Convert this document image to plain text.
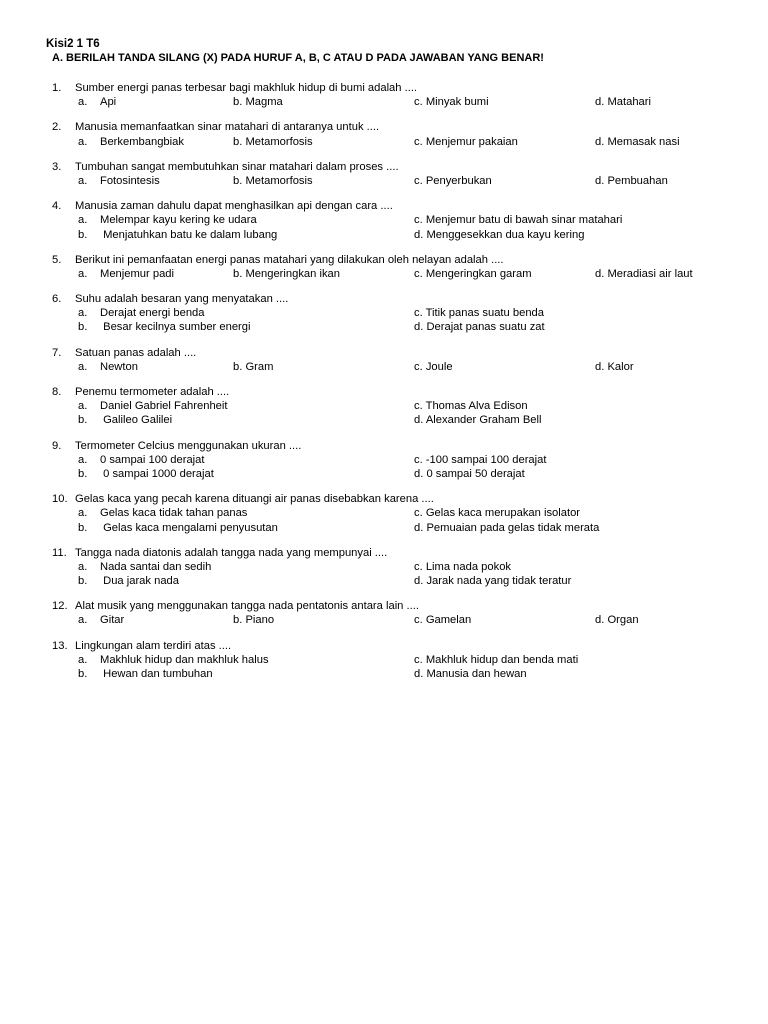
Kisi2 1 T6
A. BERILAH TANDA SILANG (X) PADA HURUF A, B, C ATAU D PADA JAWABAN YANG BENAR!
1. Sumber energi panas terbesar bagi makhluk hidup di bumi adalah ....
a. Api	b. Magma	c. Minyak bumi	d. Matahari
2. Manusia memanfaatkan sinar matahari di antaranya untuk ....
a. Berkembangbiak	b. Metamorfosis	c. Menjemur pakaian	d. Memasak nasi
3. Tumbuhan sangat membutuhkan sinar matahari dalam proses ....
a. Fotosintesis	b. Metamorfosis	c. Penyerbukan	d. Pembuahan
4. Manusia zaman dahulu dapat menghasilkan api dengan cara ....
a. Melempar kayu kering ke udara	c. Menjemur batu di bawah sinar matahari
b. Menjatuhkan batu ke dalam lubang	d. Menggesekkan dua kayu kering
5. Berikut ini pemanfaatan energi panas matahari yang dilakukan oleh nelayan adalah ....
a. Menjemur padi	b. Mengeringkan ikan	c. Mengeringkan garam	d. Meradiasi air laut
6. Suhu adalah besaran yang menyatakan ....
a. Derajat energi benda	c. Titik panas suatu benda
b. Besar kecilnya sumber energi	d. Derajat panas suatu zat
7. Satuan panas adalah ....
a. Newton	b. Gram	c. Joule	d. Kalor
8. Penemu termometer adalah ....
a. Daniel Gabriel Fahrenheit	c. Thomas Alva Edison
b. Galileo Galilei	d. Alexander Graham Bell
9. Termometer Celcius menggunakan ukuran ....
a. 0 sampai 100 derajat	c. -100 sampai 100 derajat
b. 0 sampai 1000 derajat	d. 0 sampai 50 derajat
10. Gelas kaca yang pecah karena dituangi air panas disebabkan karena ....
a. Gelas kaca tidak tahan panas	c. Gelas kaca merupakan isolator
b. Gelas kaca mengalami penyusutan	d. Pemuaian pada gelas tidak merata
11. Tangga nada diatonis adalah tangga nada yang mempunyai ....
a. Nada santai dan sedih	c. Lima nada pokok
b. Dua jarak nada	d. Jarak nada yang tidak teratur
12. Alat musik yang menggunakan tangga nada pentatonis antara lain ....
a. Gitar	b. Piano	c. Gamelan	d. Organ
13. Lingkungan alam terdiri atas ....
a. Makhluk hidup dan makhluk halus	c. Makhluk hidup dan benda mati
b. Hewan dan tumbuhan	d. Manusia dan hewan
